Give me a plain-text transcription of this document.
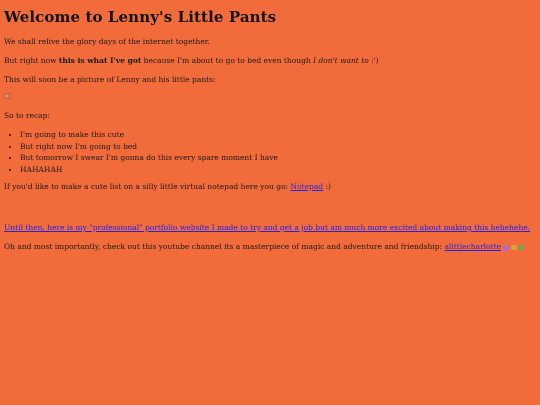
Welcome to Lenny's Little Pants

We shall relive the glory days of the internet together.

But right now this is what I've got because I'm about to go to bed even though I don't want to :')

This will soon be a picture of Lenny and his little pants:

So to recap:

• I'm going to make this cute
• But right now I'm going to bed
• But tomorrow I swear I'm gonna do this every spare moment I have
• HAHAHAH

If you'd like to make a cute list on a silly little virtual notepad here you go: Notepad :)

Until then, here is my "professional" portfolio website I made to try and get a job but am much more excited about making this hehehehe.

Oh and most importantly, check out this youtube channel its a masterpiece of magic and adventure and friendship: alittlecharlotte
